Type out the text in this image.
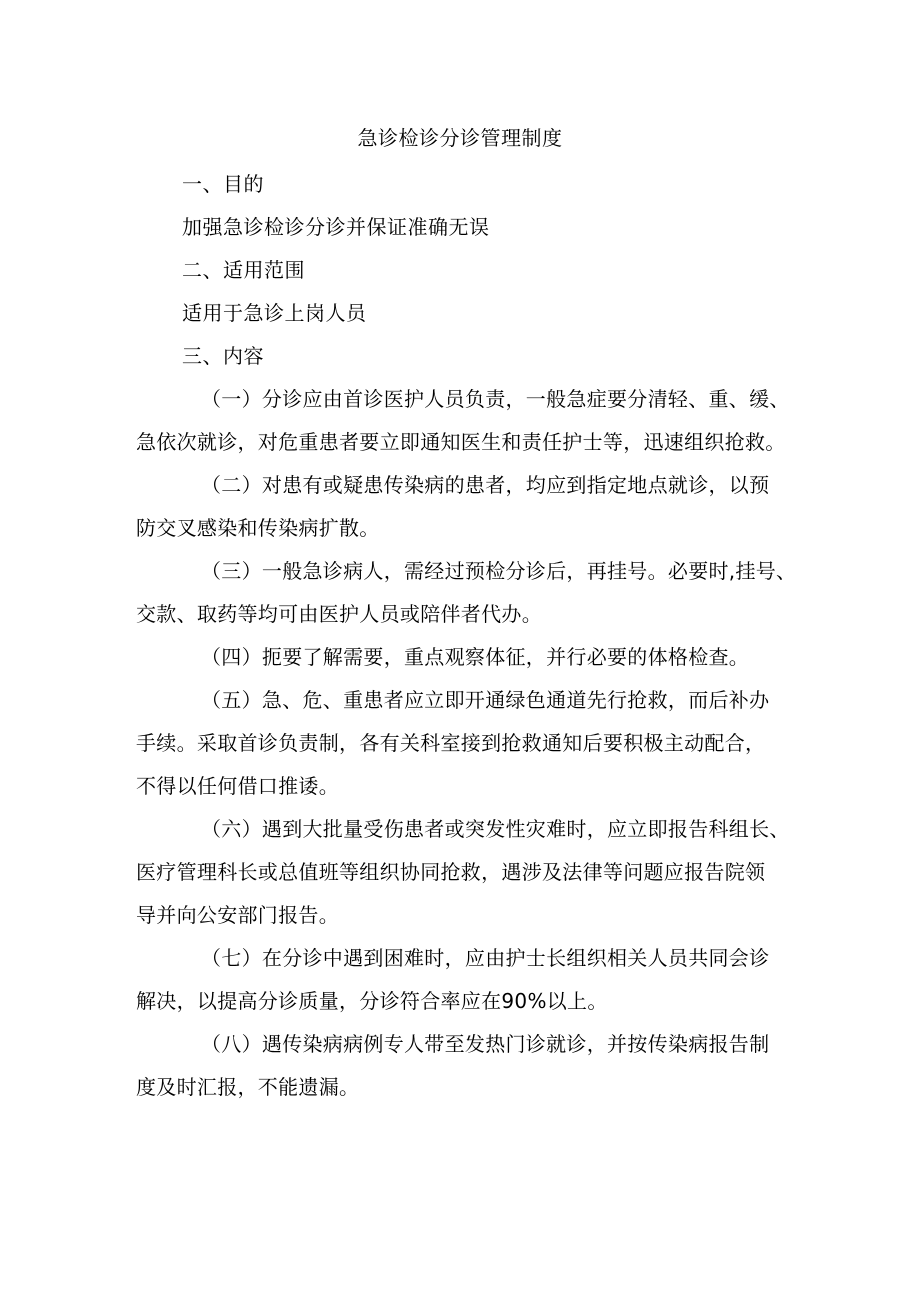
急诊检诊分诊管理制度
一、目的
加强急诊检诊分诊并保证准确无误
二、适用范围
适用于急诊上岗人员
三、内容
（一）分诊应由首诊医护人员负责，一般急症要分清轻、重、缓、
急依次就诊，对危重患者要立即通知医生和责任护士等，迅速组织抢救。
（二）对患有或疑患传染病的患者，均应到指定地点就诊，以预
防交叉感染和传染病扩散。
（三）一般急诊病人，需经过预检分诊后，再挂号。必要时,挂号、
交款、取药等均可由医护人员或陪伴者代办。
（四）扼要了解需要，重点观察体征，并行必要的体格检查。
（五）急、危、重患者应立即开通绿色通道先行抢救，而后补办
手续。采取首诊负责制，各有关科室接到抢救通知后要积极主动配合，
不得以任何借口推诿。
（六）遇到大批量受伤患者或突发性灾难时，应立即报告科组长、
医疗管理科长或总值班等组织协同抢救，遇涉及法律等问题应报告院领
导并向公安部门报告。
（七）在分诊中遇到困难时，应由护士长组织相关人员共同会诊
解决，以提高分诊质量，分诊符合率应在90%以上。
（八）遇传染病病例专人带至发热门诊就诊，并按传染病报告制
度及时汇报，不能遗漏。
